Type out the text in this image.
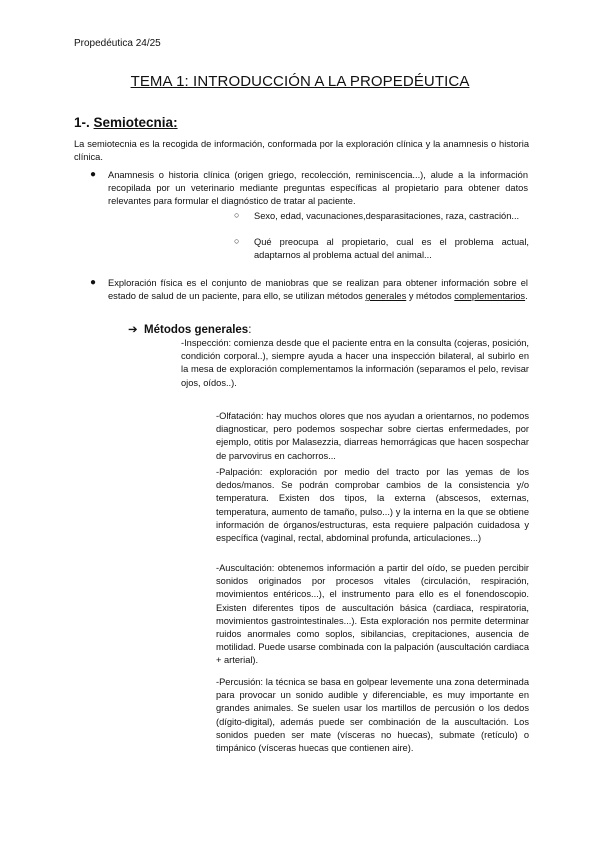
Propedéutica 24/25
TEMA 1: INTRODUCCIÓN A LA PROPEDÉUTICA
1-. Semiotecnia:
La semiotecnia es la recogida de información, conformada por la exploración clínica y la anamnesis o historia clínica.
● Anamnesis o historia clínica (origen griego, recolección, reminiscencia...), alude a la información recopilada por un veterinario mediante preguntas específicas al propietario para obtener datos relevantes para formular el diagnóstico de tratar al paciente.
○ Sexo, edad, vacunaciones,desparasitaciones, raza, castración...
○ Qué preocupa al propietario, cual es el problema actual, adaptarnos al problema actual del animal...
● Exploración física es el conjunto de maniobras que se realizan para obtener información sobre el estado de salud de un paciente, para ello, se utilizan métodos generales y métodos complementarios.
➔ Métodos generales:
-Inspección: comienza desde que el paciente entra en la consulta (cojeras, posición, condición corporal..), siempre ayuda a hacer una inspección bilateral, al subirlo en la mesa de exploración complementamos la información (separamos el pelo, revisar ojos, oídos..).
-Olfatación: hay muchos olores que nos ayudan a orientarnos, no podemos diagnosticar, pero podemos sospechar sobre ciertas enfermedades, por ejemplo, otitis por Malasezzia, diarreas hemorrágicas que hacen sospechar de parvovirus en cachorros...
-Palpación: exploración por medio del tracto por las yemas de los dedos/manos. Se podrán comprobar cambios de la consistencia y/o temperatura. Existen dos tipos, la externa (abscesos, externas, temperatura, aumento de tamaño, pulso...) y la interna en la que se obtiene información de órganos/estructuras, esta requiere palpación cuidadosa y específica (vaginal, rectal, abdominal profunda, articulaciones...)
-Auscultación: obtenemos información a partir del oído, se pueden percibir sonidos originados por procesos vitales (circulación, respiración, movimientos entéricos...), el instrumento para ello es el fonendoscopio. Existen diferentes tipos de auscultación básica (cardiaca, respiratoria, movimientos gastrointestinales...). Esta exploración nos permite determinar ruidos anormales como soplos, sibilancias, crepitaciones, ausencia de motilidad. Puede usarse combinada con la palpación (auscultación cardiaca + arterial).
-Percusión: la técnica se basa en golpear levemente una zona determinada para provocar un sonido audible y diferenciable, es muy importante en grandes animales. Se suelen usar los martillos de percusión o los dedos (dígito-digital), además puede ser combinación de la auscultación. Los sonidos pueden ser mate (vísceras no huecas), submate (retículo) o timpánico (vísceras huecas que contienen aire).
